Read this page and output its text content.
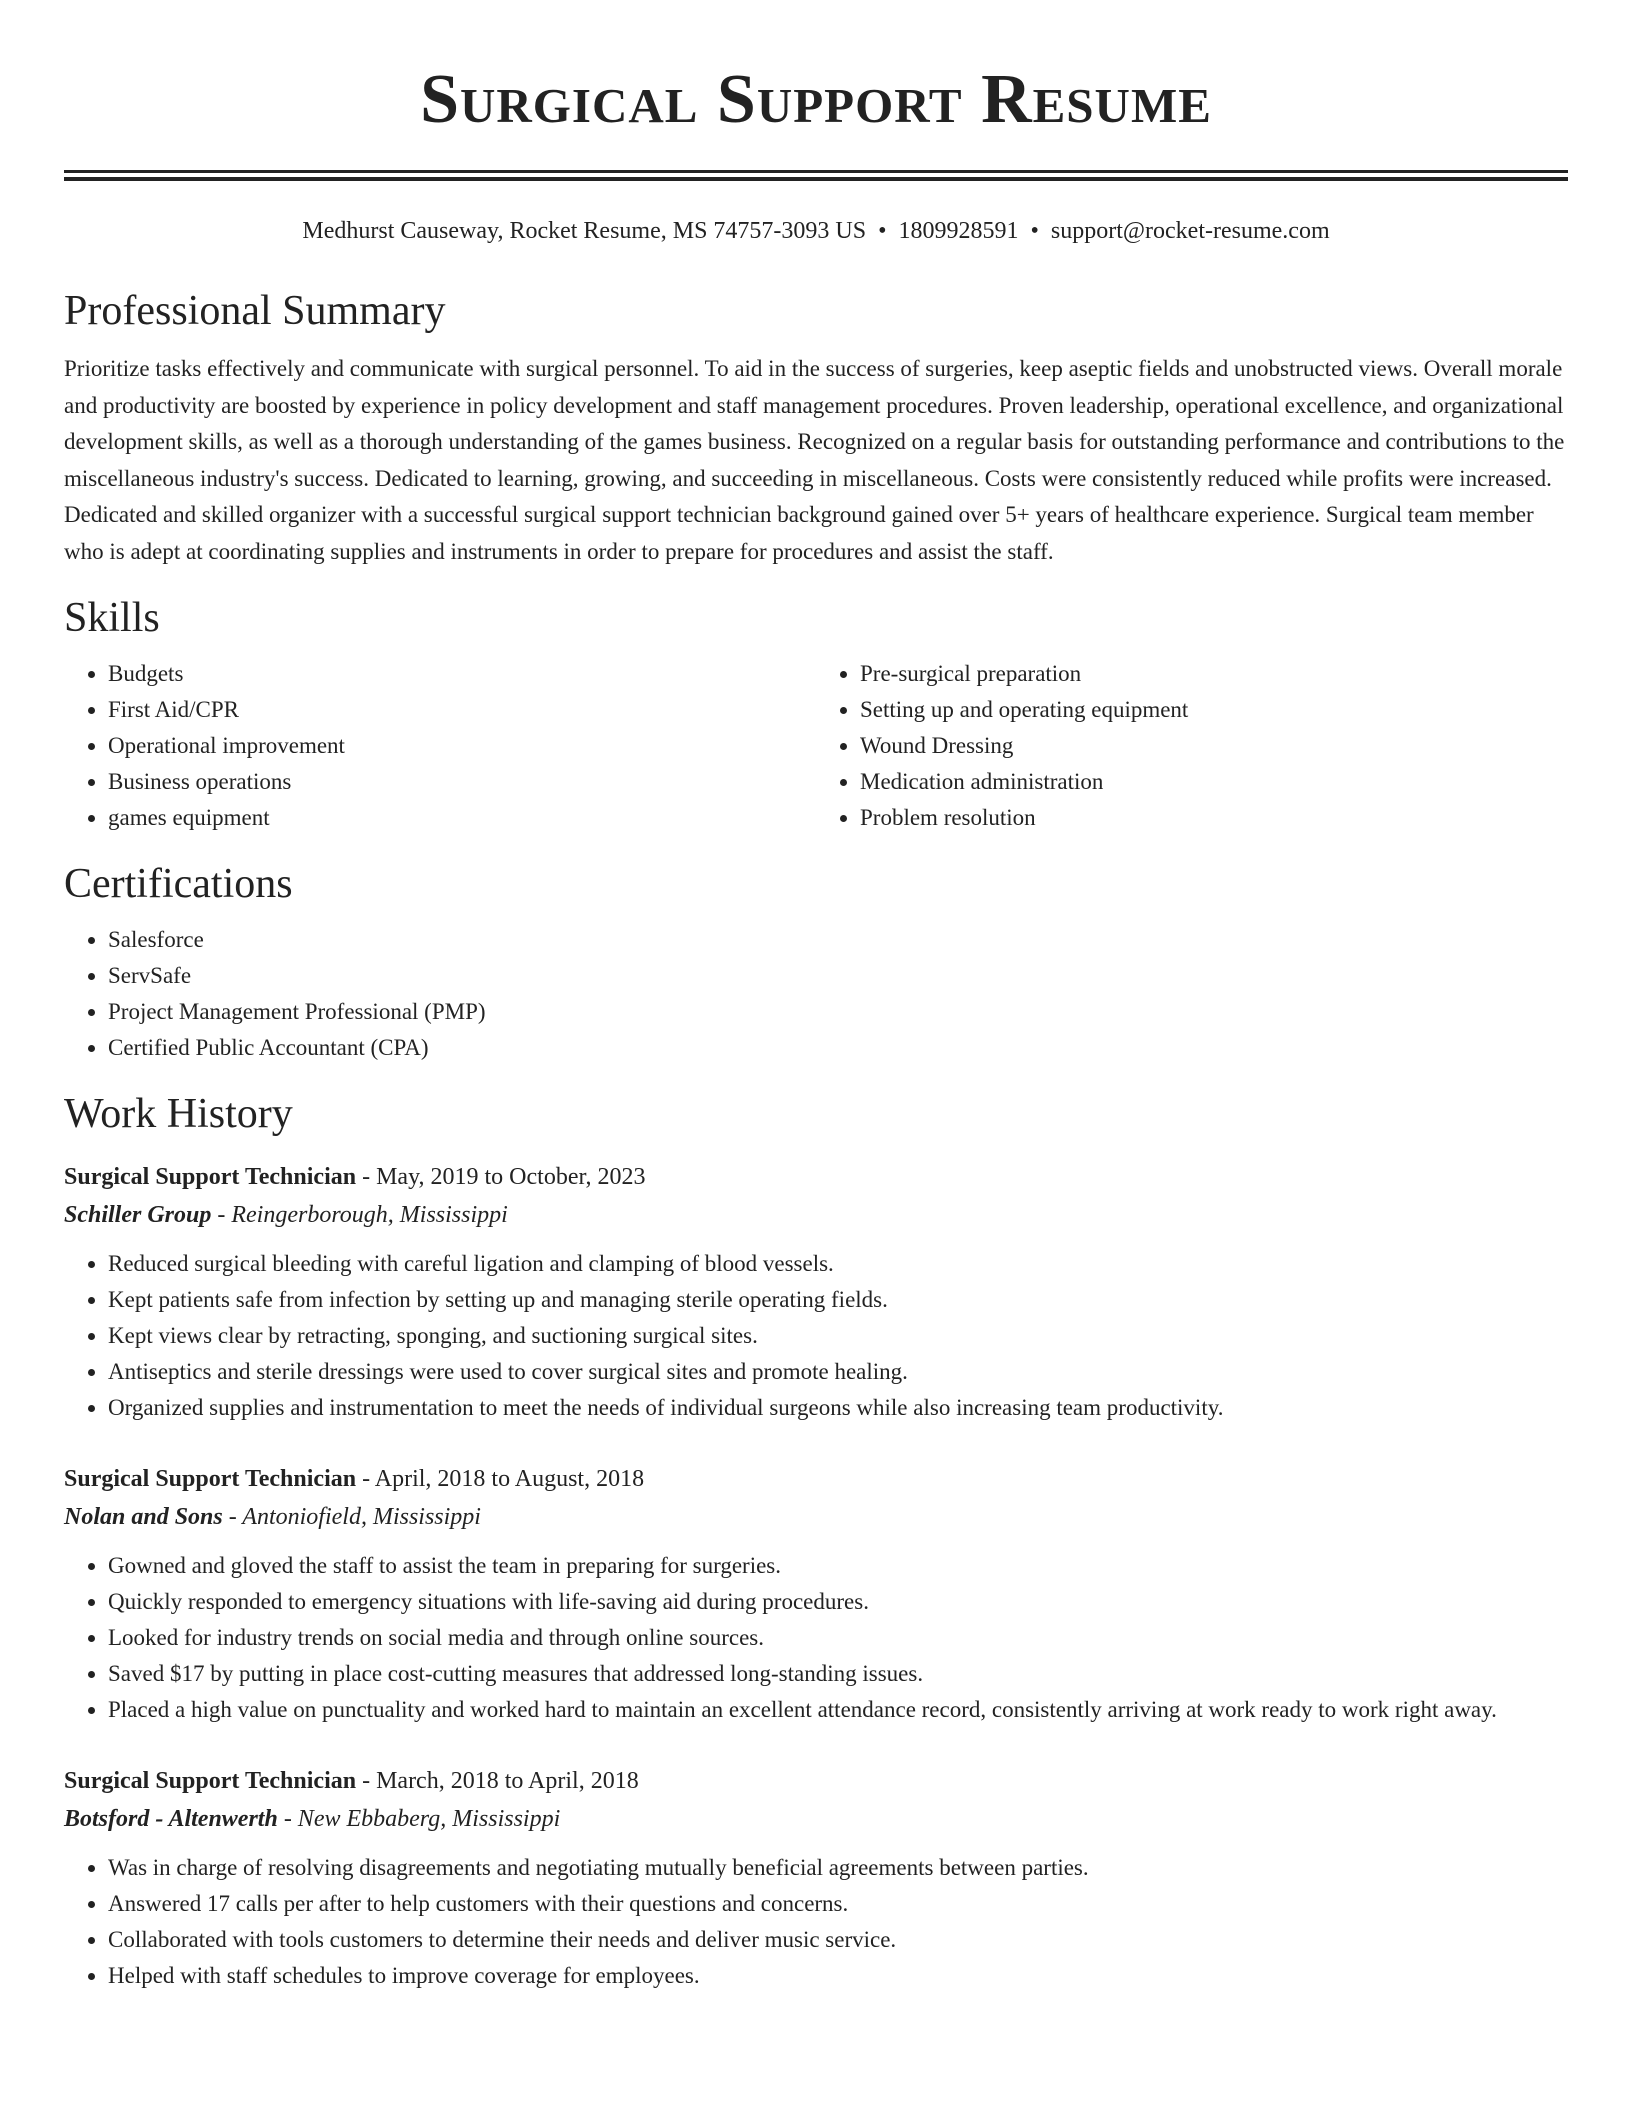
Surgical Support Resume
Medhurst Causeway, Rocket Resume, MS 74757-3093 US • 1809928591 • support@rocket-resume.com
Professional Summary

Prioritize tasks effectively and communicate with surgical personnel. To aid in the success of surgeries, keep aseptic fields and unobstructed views. Overall morale and productivity are boosted by experience in policy development and staff management procedures. Proven leadership, operational excellence, and organizational development skills, as well as a thorough understanding of the games business. Recognized on a regular basis for outstanding performance and contributions to the miscellaneous industry's success. Dedicated to learning, growing, and succeeding in miscellaneous. Costs were consistently reduced while profits were increased. Dedicated and skilled organizer with a successful surgical support technician background gained over 5+ years of healthcare experience. Surgical team member who is adept at coordinating supplies and instruments in order to prepare for procedures and assist the staff.

Skills
• Budgets
• First Aid/CPR
• Operational improvement
• Business operations
• games equipment
• Pre-surgical preparation
• Setting up and operating equipment
• Wound Dressing
• Medication administration
• Problem resolution
Certifications
• Salesforce
• ServSafe
• Project Management Professional (PMP)
• Certified Public Accountant (CPA)
Work History
Surgical Support Technician - May, 2019 to October, 2023
Schiller Group - Reingerborough, Mississippi
• Reduced surgical bleeding with careful ligation and clamping of blood vessels.
• Kept patients safe from infection by setting up and managing sterile operating fields.
• Kept views clear by retracting, sponging, and suctioning surgical sites.
• Antiseptics and sterile dressings were used to cover surgical sites and promote healing.
• Organized supplies and instrumentation to meet the needs of individual surgeons while also increasing team productivity.
Surgical Support Technician - April, 2018 to August, 2018
Nolan and Sons - Antoniofield, Mississippi
• Gowned and gloved the staff to assist the team in preparing for surgeries.
• Quickly responded to emergency situations with life-saving aid during procedures.
• Looked for industry trends on social media and through online sources.
• Saved $17 by putting in place cost-cutting measures that addressed long-standing issues.
• Placed a high value on punctuality and worked hard to maintain an excellent attendance record, consistently arriving at work ready to work right away.
Surgical Support Technician - March, 2018 to April, 2018
Botsford - Altenwerth - New Ebbaberg, Mississippi
• Was in charge of resolving disagreements and negotiating mutually beneficial agreements between parties.
• Answered 17 calls per after to help customers with their questions and concerns.
• Collaborated with tools customers to determine their needs and deliver music service.
• Helped with staff schedules to improve coverage for employees.
